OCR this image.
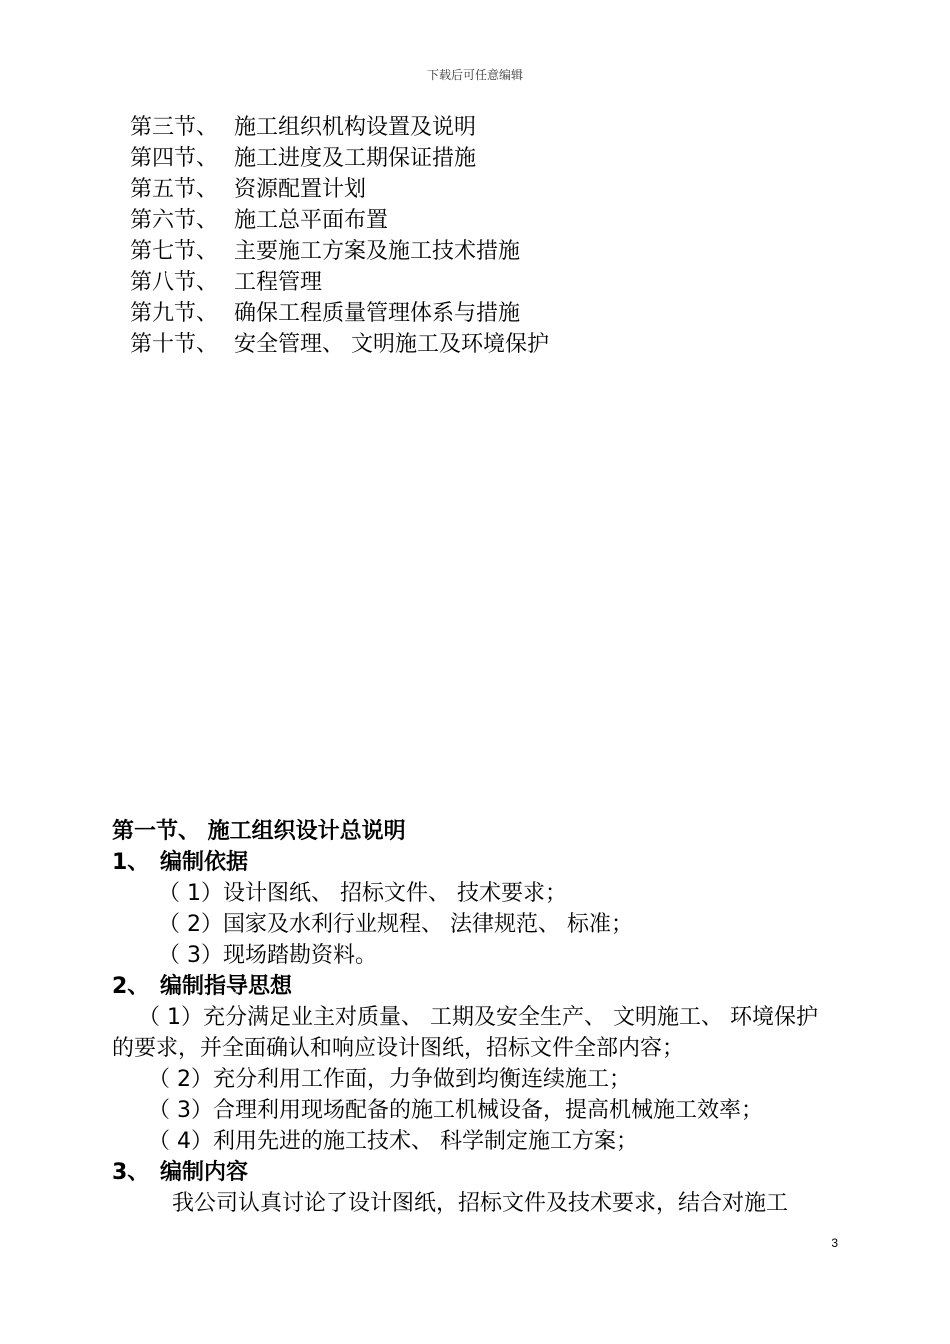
下载后可任意编辑
第三节、 施工组织机构设置及说明
第四节、 施工进度及工期保证措施
第五节、 资源配置计划
第六节、 施工总平面布置
第七节、 主要施工方案及施工技术措施
第八节、 工程管理
第九节、 确保工程质量管理体系与措施
第十节、 安全管理、 文明施工及环境保护
第一节、 施工组织设计总说明
1、 编制依据
（ 1）设计图纸、 招标文件、 技术要求；
（ 2）国家及水利行业规程、 法律规范、 标准；
（ 3）现场踏勘资料。
2、 编制指导思想
（ 1）充分满足业主对质量、 工期及安全生产、 文明施工、 环境保护的要求，并全面确认和响应设计图纸，招标文件全部内容；
（ 2）充分利用工作面，力争做到均衡连续施工；
（ 3）合理利用现场配备的施工机械设备，提高机械施工效率；
（ 4）利用先进的施工技术、 科学制定施工方案；
3、 编制内容
我公司认真讨论了设计图纸，招标文件及技术要求，结合对施工
3
